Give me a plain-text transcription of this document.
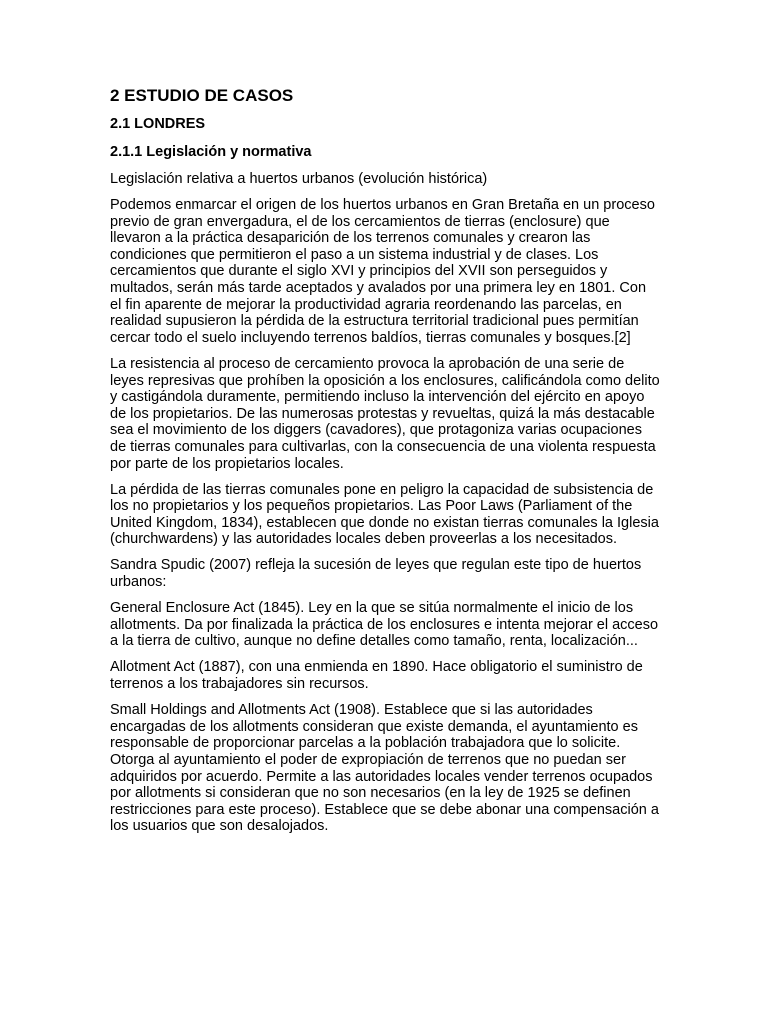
2 ESTUDIO DE CASOS
2.1 LONDRES
2.1.1 Legislación y normativa

Legislación relativa a huertos urbanos (evolución histórica)

Podemos enmarcar el origen de los huertos urbanos en Gran Bretaña en un proceso previo de gran envergadura, el de los cercamientos de tierras (enclosure) que llevaron a la práctica desaparición de los terrenos comunales y crearon las condiciones que permitieron el paso a un sistema industrial y de clases. Los cercamientos que durante el siglo XVI y principios del XVII son perseguidos y multados, serán más tarde aceptados y avalados por una primera ley en 1801. Con el fin aparente de mejorar la productividad agraria reordenando las parcelas, en realidad supusieron la pérdida de la estructura territorial tradicional pues permitían cercar todo el suelo incluyendo terrenos baldíos, tierras comunales y bosques.[2]

La resistencia al proceso de cercamiento provoca la aprobación de una serie de leyes represivas que prohíben la oposición a los enclosures, calificándola como delito y castigándola duramente, permitiendo incluso la intervención del ejército en apoyo de los propietarios. De las numerosas protestas y revueltas, quizá la más destacable sea el movimiento de los diggers (cavadores), que protagoniza varias ocupaciones de tierras comunales para cultivarlas, con la consecuencia de una violenta respuesta por parte de los propietarios locales.

La pérdida de las tierras comunales pone en peligro la capacidad de subsistencia de los no propietarios y los pequeños propietarios. Las Poor Laws (Parliament of the United Kingdom, 1834), establecen que donde no existan tierras comunales la Iglesia (churchwardens) y las autoridades locales deben proveerlas a los necesitados.

Sandra Spudic (2007) refleja la sucesión de leyes que regulan este tipo de huertos urbanos:

General Enclosure Act (1845). Ley en la que se sitúa normalmente el inicio de los allotments. Da por finalizada la práctica de los enclosures e intenta mejorar el acceso a la tierra de cultivo, aunque no define detalles como tamaño, renta, localización...

Allotment Act (1887), con una enmienda en 1890. Hace obligatorio el suministro de terrenos a los trabajadores sin recursos.

Small Holdings and Allotments Act (1908). Establece que si las autoridades encargadas de los allotments consideran que existe demanda, el ayuntamiento es responsable de proporcionar parcelas a la población trabajadora que lo solicite. Otorga al ayuntamiento el poder de expropiación de terrenos que no puedan ser adquiridos por acuerdo. Permite a las autoridades locales vender terrenos ocupados por allotments si consideran que no son necesarios (en la ley de 1925 se definen restricciones para este proceso). Establece que se debe abonar una compensación a los usuarios que son desalojados.
